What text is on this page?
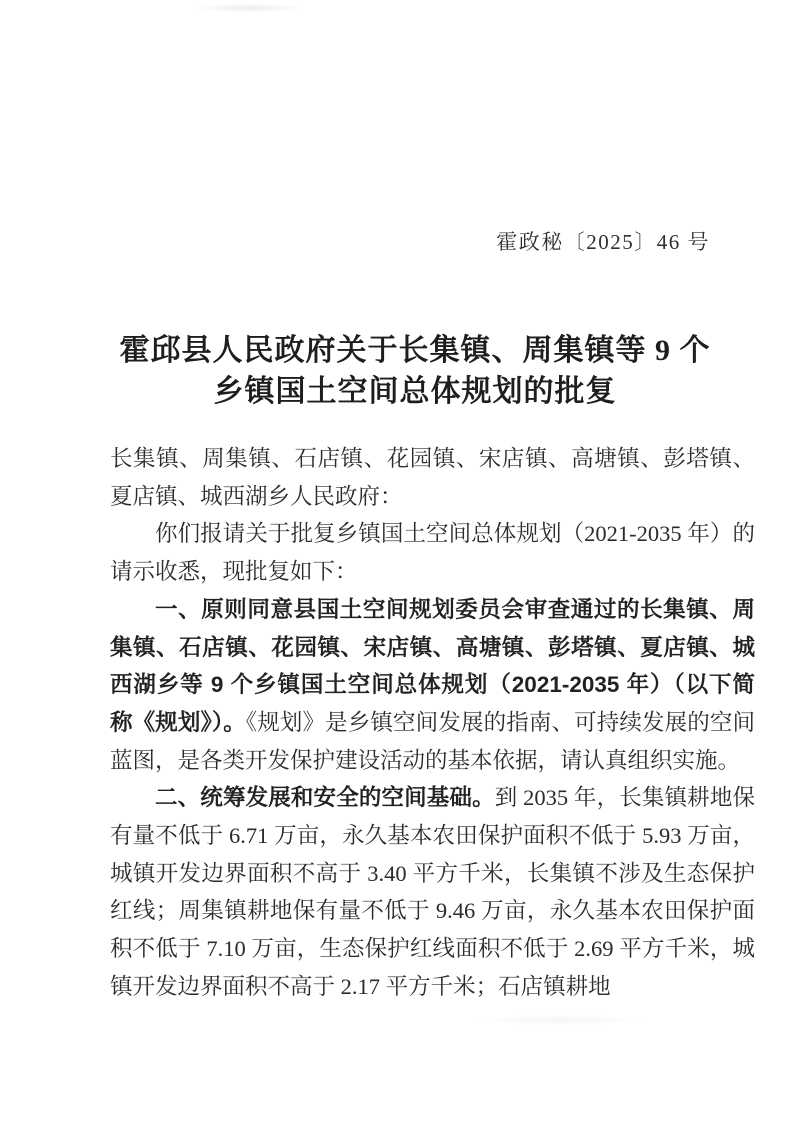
霍政秘〔2025〕46 号
霍邱县人民政府关于长集镇、周集镇等 9 个
乡镇国土空间总体规划的批复

长集镇、周集镇、石店镇、花园镇、宋店镇、高塘镇、彭塔镇、夏店镇、城西湖乡人民政府：

你们报请关于批复乡镇国土空间总体规划（2021-2035 年）的请示收悉，现批复如下：

一、原则同意县国土空间规划委员会审查通过的长集镇、周集镇、石店镇、花园镇、宋店镇、高塘镇、彭塔镇、夏店镇、城西湖乡等 9 个乡镇国土空间总体规划（2021-2035 年）（以下简称《规划》）。《规划》是乡镇空间发展的指南、可持续发展的空间蓝图，是各类开发保护建设活动的基本依据，请认真组织实施。

二、统筹发展和安全的空间基础。到 2035 年，长集镇耕地保有量不低于 6.71 万亩，永久基本农田保护面积不低于 5.93 万亩，城镇开发边界面积不高于 3.40 平方千米，长集镇不涉及生态保护红线；周集镇耕地保有量不低于 9.46 万亩，永久基本农田保护面积不低于 7.10 万亩，生态保护红线面积不低于 2.69 平方千米，城镇开发边界面积不高于 2.17 平方千米；石店镇耕地
